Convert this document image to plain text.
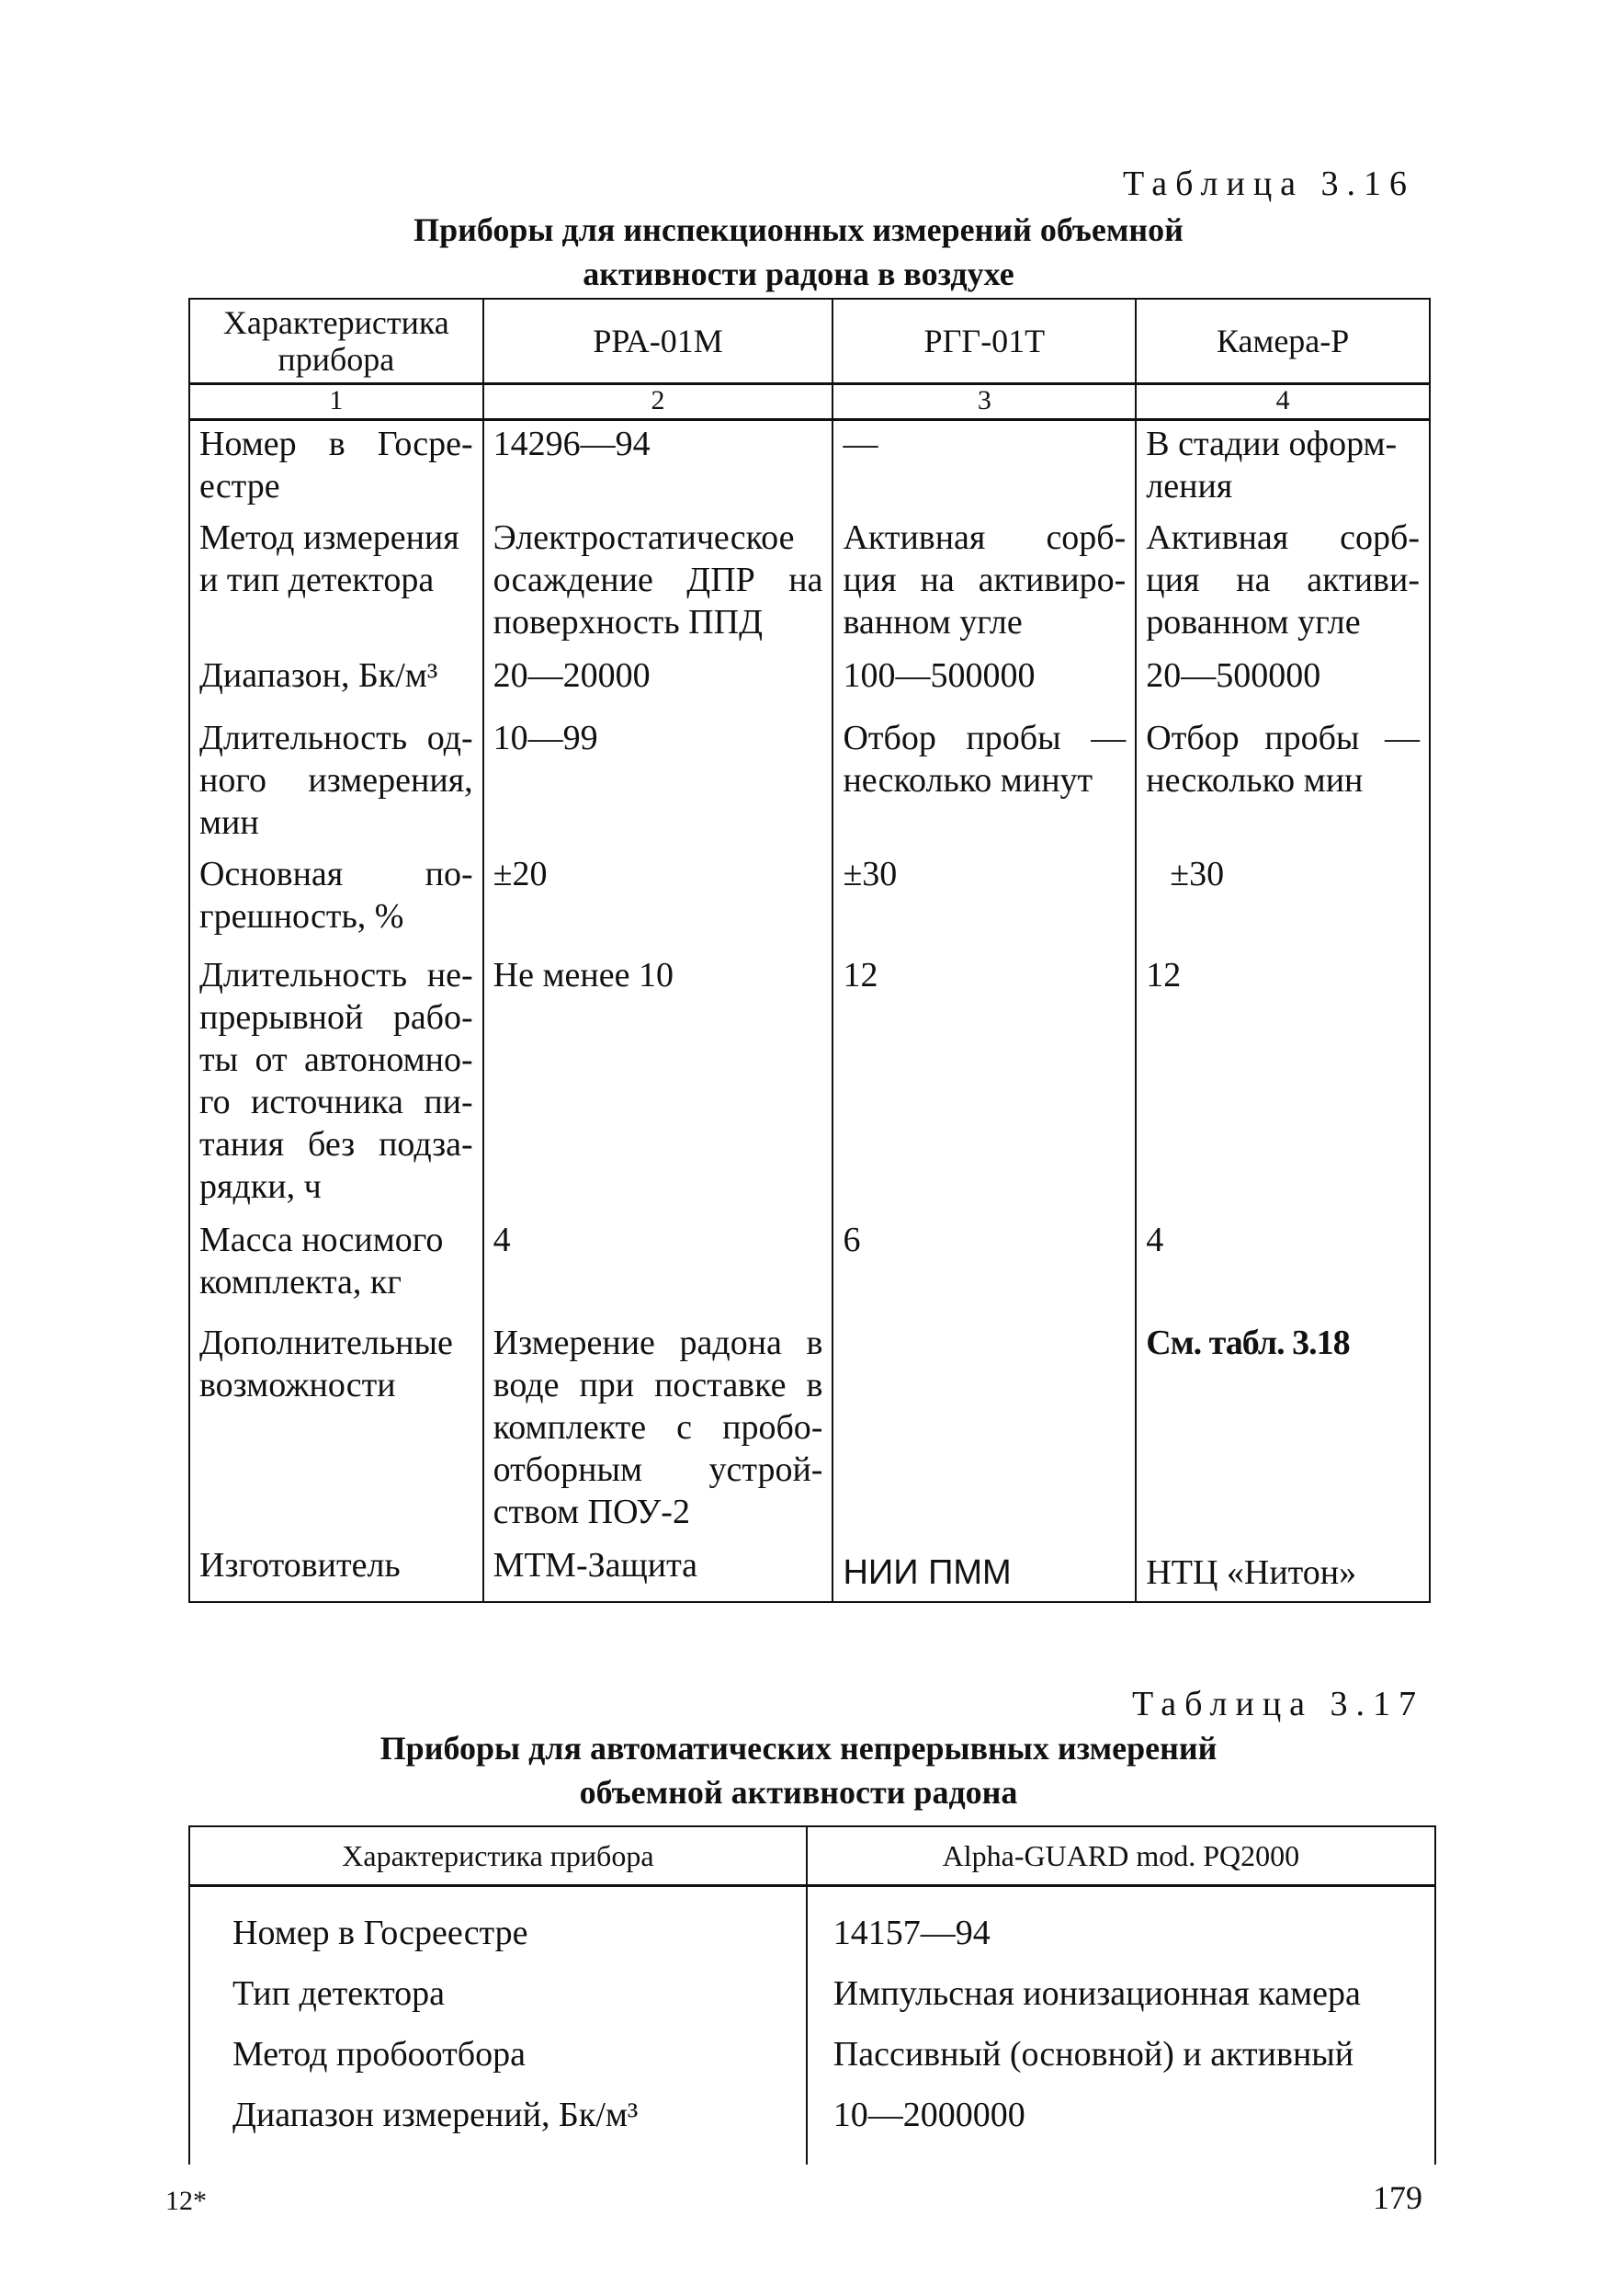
Таблица 3.16
Приборы для инспекционных измерений объемной
активности радона в воздухе
Характеристика прибора	РРА-01М	РГГ-01Т	Камера-Р
1	2	3	4
Номер в Госре-естре	14296—94	—	В стадии оформ-ления
Метод измерения и тип детектора	Электростатическое осаждение ДПР на поверхность ППД	Активная сорб-ция на активиро-ванном угле	Активная сорб-ция на активи-рованном угле
Диапазон, Бк/м³	20—20000	100—500000	20—500000
Длительность од-ного измерения, мин	10—99	Отбор пробы — несколько минут	Отбор пробы — несколько мин
Основная по-грешность, %	±20	±30	±30
Длительность не-прерывной рабо-ты от автономно-го источника пи-тания без подза-рядки, ч	Не менее 10	12	12
Масса носимого комплекта, кг	4	6	4
Дополнительные возможности	Измерение радона в воде при поставке в комплекте с пробо-отборным устрой-ством ПОУ-2		См. табл. 3.18
Изготовитель	МТМ-Защита	НИИ ПММ	НТЦ «Нитон»
Таблица 3.17
Приборы для автоматических непрерывных измерений
объемной активности радона
Характеристика прибора	Alpha-GUARD mod. PQ2000
Номер в Госреестре	14157—94
Тип детектора	Импульсная ионизационная камера
Метод пробоотбора	Пассивный (основной) и активный
Диапазон измерений, Бк/м³	10—2000000
12*	179
